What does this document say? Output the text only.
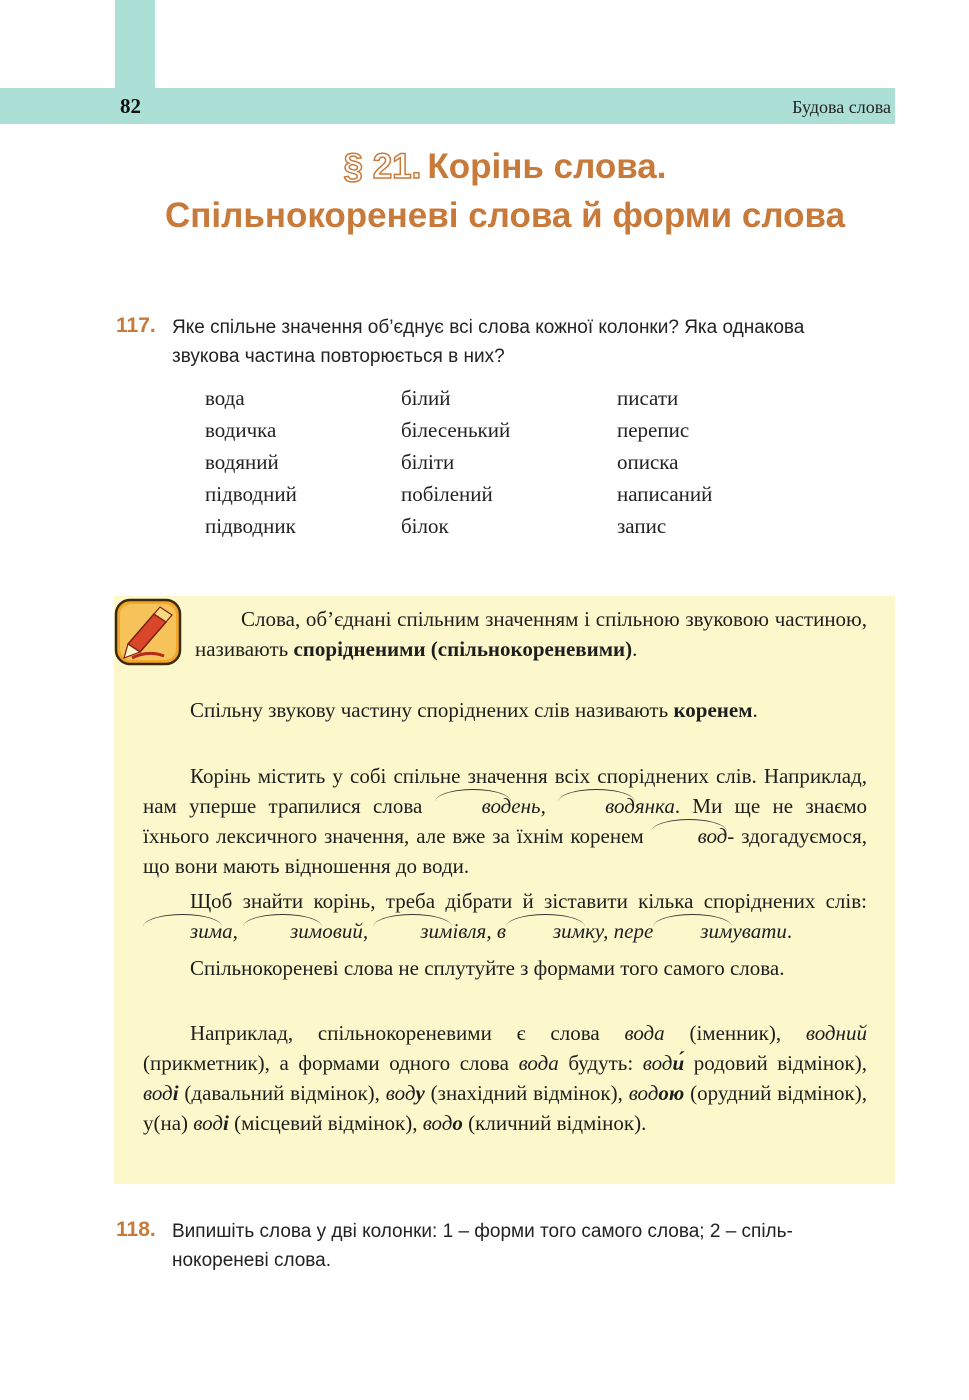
82	Будова слова
§ 21. Корінь слова.
Спільнокореневі слова й форми слова
117. Яке спільне значення об’єднує всі слова кожної колонки? Яка однакова
звукова частина повторюється в них?
вода
водичка
водяний
підводний
підводник
білий
білесенький
біліти
побілений
білок
писати
перепис
описка
написаний
запис

Слова, об’єднані спільним значенням і спільною звуковою частиною, називають спорідненими (спільнокореневими).

Спільну звукову частину споріднених слів називають коренем.

Корінь містить у собі спільне значення всіх споріднених слів. Наприклад, нам уперше трапилися слова водень, водянка. Ми ще не знаємо їхнього лексичного значення, але вже за їхнім коренем вод- здогадуємося, що вони мають відношення до води.

Щоб знайти корінь, треба дібрати й зіставити кілька споріднених слів: зима, зимовий, зимівля, в зимку, пере зимувати.

Спільнокореневі слова не сплутуйте з формами того самого слова.

Наприклад, спільнокореневими є слова вода (іменник), водний (прикметник), а формами одного слова вода будуть: води́ родовий відмінок), воді (давальний відмінок), воду (знахідний відмінок), водою (орудний відмінок), у(на) воді (місцевий відмінок), водо (кличний відмінок).

118. Випишіть слова у дві колонки: 1 – форми того самого слова; 2 – спіль-
нокореневі слова.
